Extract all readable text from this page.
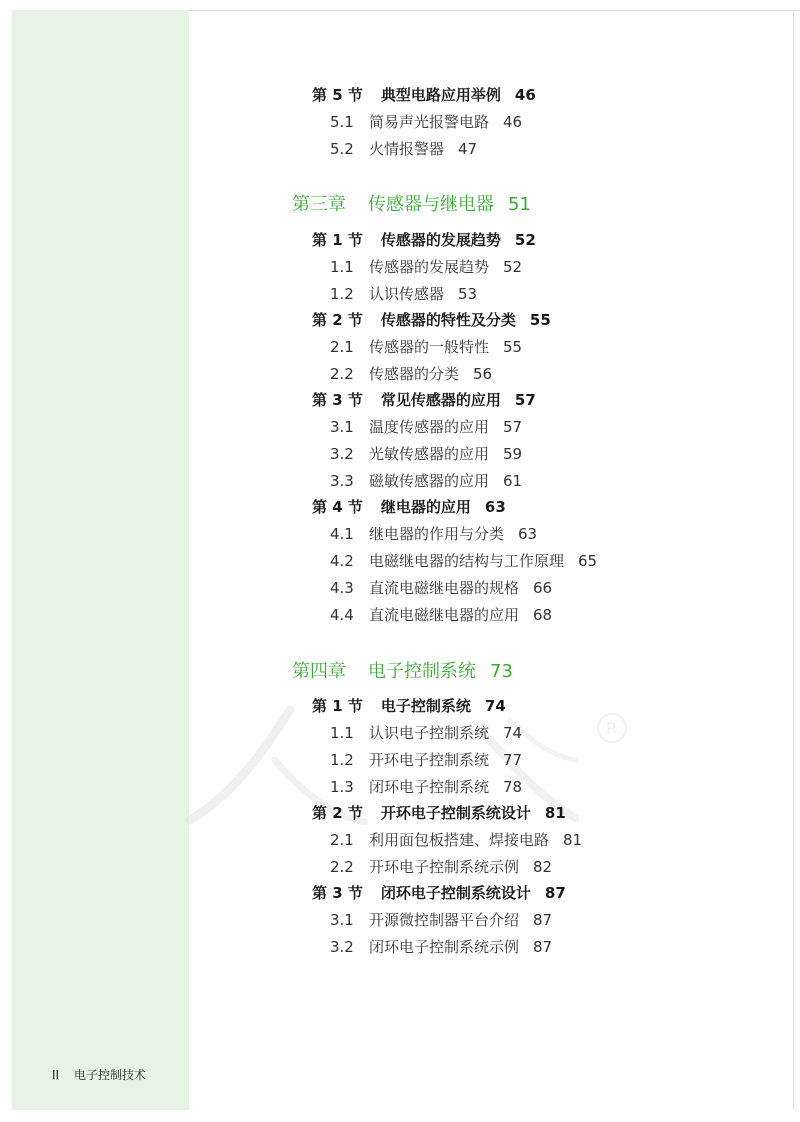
R
第 5 节 典型电路应用举例 46
5.1 简易声光报警电路 46
5.2 火情报警器 47
第三章 传感器与继电器 51
第 1 节 传感器的发展趋势 52
1.1 传感器的发展趋势 52
1.2 认识传感器 53
第 2 节 传感器的特性及分类 55
2.1 传感器的一般特性 55
2.2 传感器的分类 56
第 3 节 常见传感器的应用 57
3.1 温度传感器的应用 57
3.2 光敏传感器的应用 59
3.3 磁敏传感器的应用 61
第 4 节 继电器的应用 63
4.1 继电器的作用与分类 63
4.2 电磁继电器的结构与工作原理 65
4.3 直流电磁继电器的规格 66
4.4 直流电磁继电器的应用 68
第四章 电子控制系统 73
第 1 节 电子控制系统 74
1.1 认识电子控制系统 74
1.2 开环电子控制系统 77
1.3 闭环电子控制系统 78
第 2 节 开环电子控制系统设计 81
2.1 利用面包板搭建、焊接电路 81
2.2 开环电子控制系统示例 82
第 3 节 闭环电子控制系统设计 87
3.1 开源微控制器平台介绍 87
3.2 闭环电子控制系统示例 87
II 电子控制技术
